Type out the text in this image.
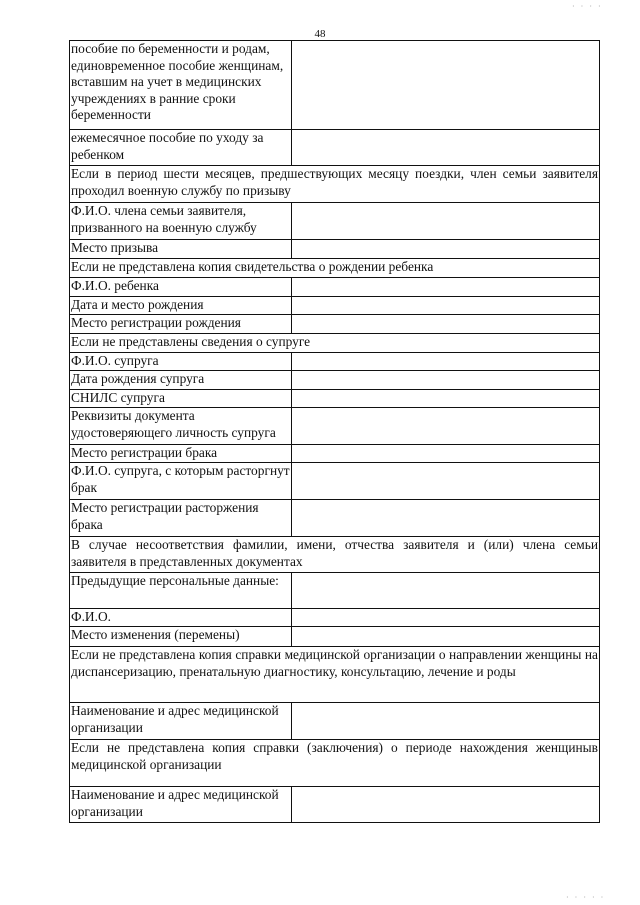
48
пособие по беременности и родам, единовременное пособие женщинам, вставшим на учет в медицинских учреждениях в ранние сроки беременности	
ежемесячное пособие по уходу за ребенком	
Если в период шести месяцев, предшествующих месяцу поездки, член семьи заявителя проходил военную службу по призыву	
Ф.И.О. члена семьи заявителя, призванного на военную службу	
Место призыва	
Если не представлена копия свидетельства о рождении ребенка	
Ф.И.О. ребенка	
Дата и место рождения	
Место регистрации рождения	
Если не представлены сведения о супруге	
Ф.И.О. супруга	
Дата рождения супруга	
СНИЛС супруга	
Реквизиты документа удостоверяющего личность супруга	
Место регистрации брака	
Ф.И.О. супруга, с которым расторгнут брак	
Место регистрации расторжения брака	
В случае несоответствия фамилии, имени, отчества заявителя и (или) члена семьи заявителя в представленных документах	
Предыдущие персональные данные:	
Ф.И.О.	
Место изменения (перемены)	
Если не представлена копия справки медицинской организации о направлении женщины на диспансеризацию, пренатальную диагностику, консультацию, лечение и роды	
Наименование и адрес медицинской организации	
Если не представлена копия справки (заключения) о периоде нахождения женщиныв медицинской организации	
Наименование и адрес медицинской организации	
· · · ·
· · · · ·
